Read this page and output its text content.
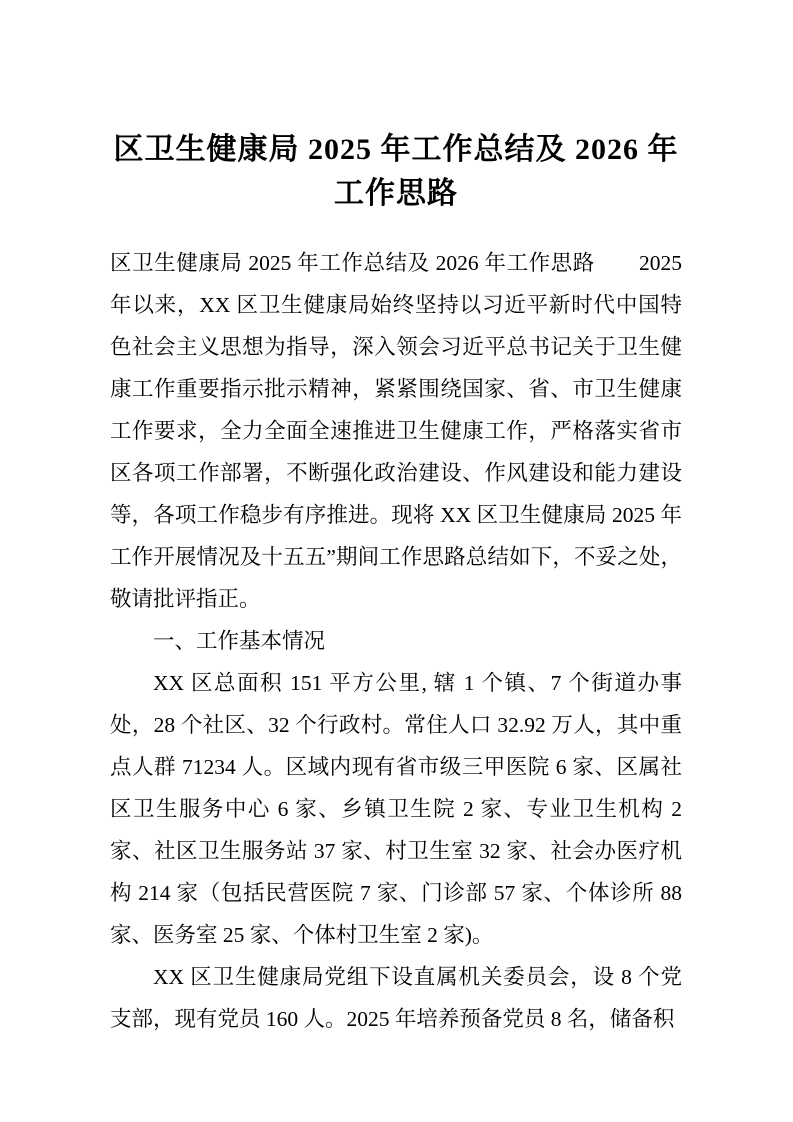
区卫生健康局 2025 年工作总结及 2026 年工作思路

区卫生健康局 2025 年工作总结及 2026 年工作思路　　2025 年以来，XX 区卫生健康局始终坚持以习近平新时代中国特色社会主义思想为指导，深入领会习近平总书记关于卫生健康工作重要指示批示精神，紧紧围绕国家、省、市卫生健康工作要求，全力全面全速推进卫生健康工作，严格落实省市区各项工作部署，不断强化政治建设、作风建设和能力建设等，各项工作稳步有序推进。现将 XX 区卫生健康局 2025 年工作开展情况及十五五”期间工作思路总结如下，不妥之处，敬请批评指正。

一、工作基本情况

XX 区总面积 151 平方公里, 辖 1 个镇、7 个街道办事处，28 个社区、32 个行政村。常住人口 32.92 万人，其中重点人群 71234 人。区域内现有省市级三甲医院 6 家、区属社区卫生服务中心 6 家、乡镇卫生院 2 家、专业卫生机构 2 家、社区卫生服务站 37 家、村卫生室 32 家、社会办医疗机构 214 家（包括民营医院 7 家、门诊部 57 家、个体诊所 88 家、医务室 25 家、个体村卫生室 2 家)。

XX 区卫生健康局党组下设直属机关委员会，设 8 个党支部，现有党员 160 人。2025 年培养预备党员 8 名，储备积
